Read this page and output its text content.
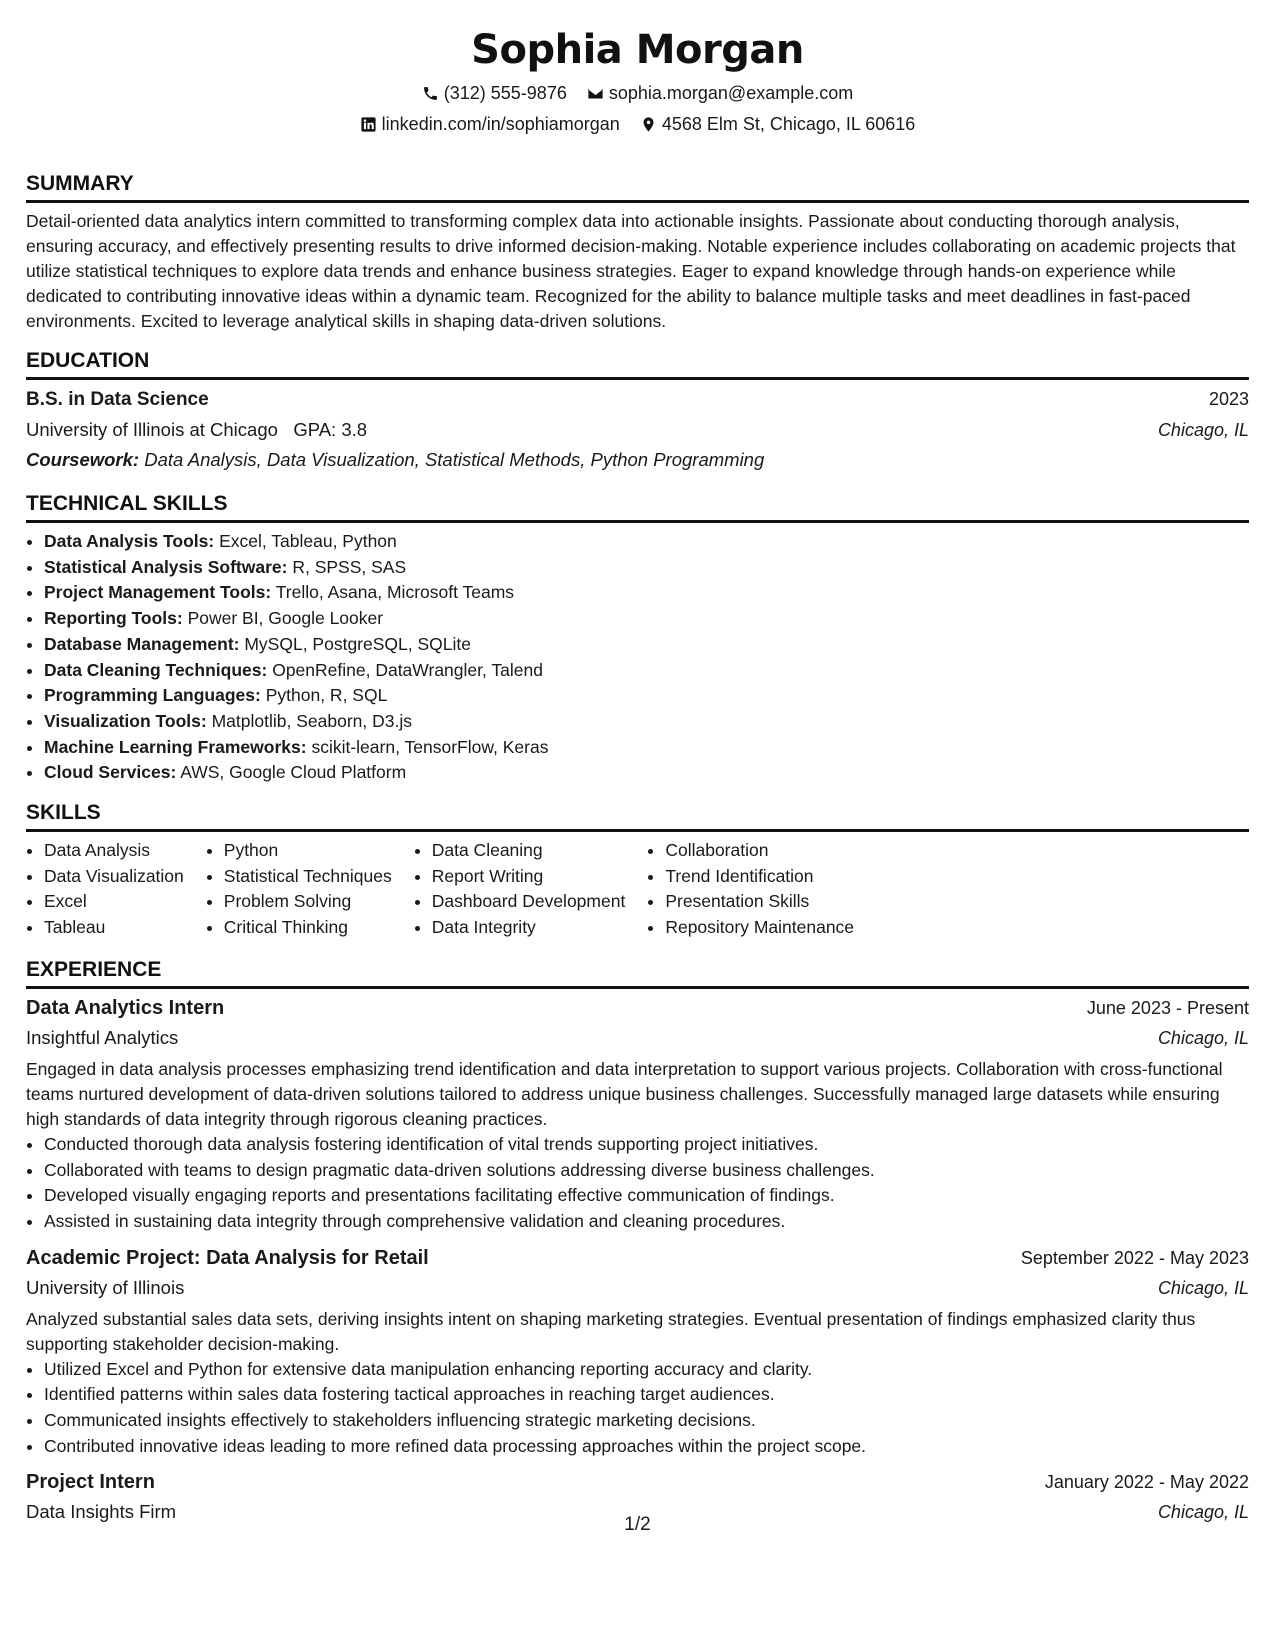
Sophia Morgan
(312) 555-9876 sophia.morgan@example.com
linkedin.com/in/sophiamorgan 4568 Elm St, Chicago, IL 60616
SUMMARY

Detail-oriented data analytics intern committed to transforming complex data into actionable insights. Passionate about conducting thorough analysis, ensuring accuracy, and effectively presenting results to drive informed decision-making. Notable experience includes collaborating on academic projects that utilize statistical techniques to explore data trends and enhance business strategies. Eager to expand knowledge through hands-on experience while dedicated to contributing innovative ideas within a dynamic team. Recognized for the ability to balance multiple tasks and meet deadlines in fast-paced environments. Excited to leverage analytical skills in shaping data-driven solutions.

EDUCATION
B.S. in Data Science	2023
University of Illinois at Chicago GPA: 3.8	Chicago, IL
Coursework: Data Analysis, Data Visualization, Statistical Methods, Python Programming
TECHNICAL SKILLS
• Data Analysis Tools: Excel, Tableau, Python
• Statistical Analysis Software: R, SPSS, SAS
• Project Management Tools: Trello, Asana, Microsoft Teams
• Reporting Tools: Power BI, Google Looker
• Database Management: MySQL, PostgreSQL, SQLite
• Data Cleaning Techniques: OpenRefine, DataWrangler, Talend
• Programming Languages: Python, R, SQL
• Visualization Tools: Matplotlib, Seaborn, D3.js
• Machine Learning Frameworks: scikit-learn, TensorFlow, Keras
• Cloud Services: AWS, Google Cloud Platform
SKILLS
• Data Analysis
• Data Visualization
• Excel
• Tableau
• Python
• Statistical Techniques
• Problem Solving
• Critical Thinking
• Data Cleaning
• Report Writing
• Dashboard Development
• Data Integrity
• Collaboration
• Trend Identification
• Presentation Skills
• Repository Maintenance
EXPERIENCE
Data Analytics Intern	June 2023 - Present
Insightful Analytics	Chicago, IL

Engaged in data analysis processes emphasizing trend identification and data interpretation to support various projects. Collaboration with cross-functional teams nurtured development of data-driven solutions tailored to address unique business challenges. Successfully managed large datasets while ensuring high standards of data integrity through rigorous cleaning practices.

• Conducted thorough data analysis fostering identification of vital trends supporting project initiatives.
• Collaborated with teams to design pragmatic data-driven solutions addressing diverse business challenges.
• Developed visually engaging reports and presentations facilitating effective communication of findings.
• Assisted in sustaining data integrity through comprehensive validation and cleaning procedures.
Academic Project: Data Analysis for Retail	September 2022 - May 2023
University of Illinois	Chicago, IL

Analyzed substantial sales data sets, deriving insights intent on shaping marketing strategies. Eventual presentation of findings emphasized clarity thus supporting stakeholder decision-making.

• Utilized Excel and Python for extensive data manipulation enhancing reporting accuracy and clarity.
• Identified patterns within sales data fostering tactical approaches in reaching target audiences.
• Communicated insights effectively to stakeholders influencing strategic marketing decisions.
• Contributed innovative ideas leading to more refined data processing approaches within the project scope.
Project Intern	January 2022 - May 2022
Data Insights Firm	Chicago, IL
1/2
